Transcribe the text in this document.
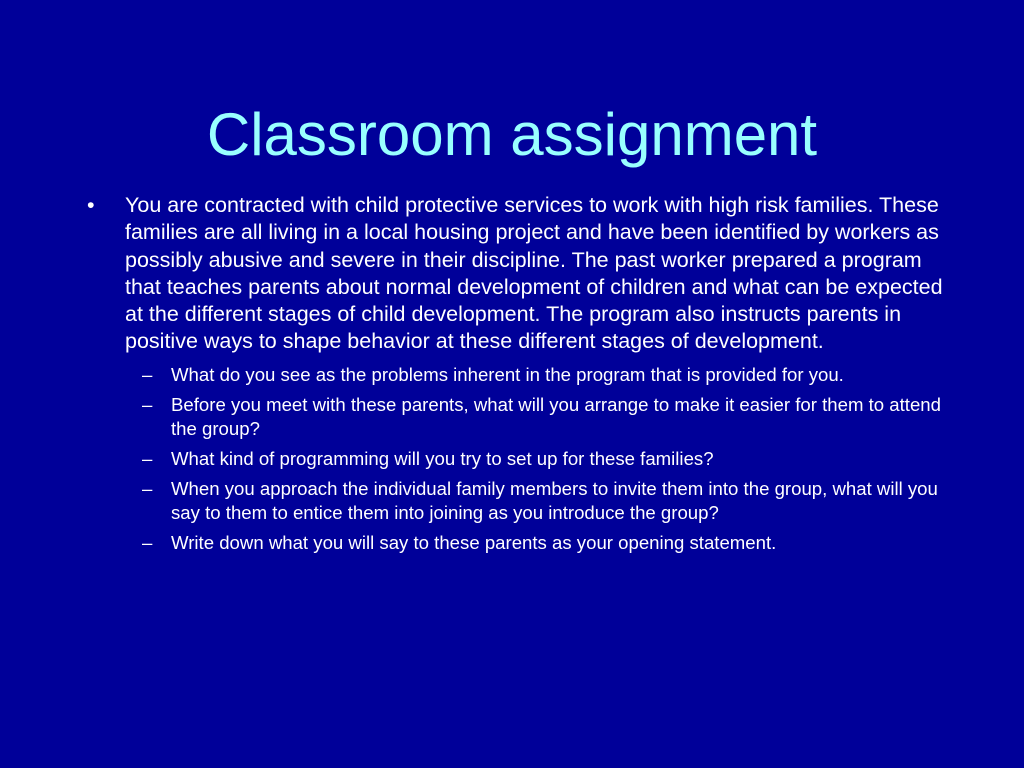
Classroom assignment

• You are contracted with child protective services to work with high risk families. These families are all living in a local housing project and have been identified by workers as possibly abusive and severe in their discipline. The past worker prepared a program that teaches parents about normal development of children and what can be expected at the different stages of child development. The program also instructs parents in positive ways to shape behavior at these different stages of development.

– What do you see as the problems inherent in the program that is provided for you.
– Before you meet with these parents, what will you arrange to make it easier for them to attend the group?
– What kind of programming will you try to set up for these families?
– When you approach the individual family members to invite them into the group, what will you say to them to entice them into joining as you introduce the group?
– Write down what you will say to these parents as your opening statement.
